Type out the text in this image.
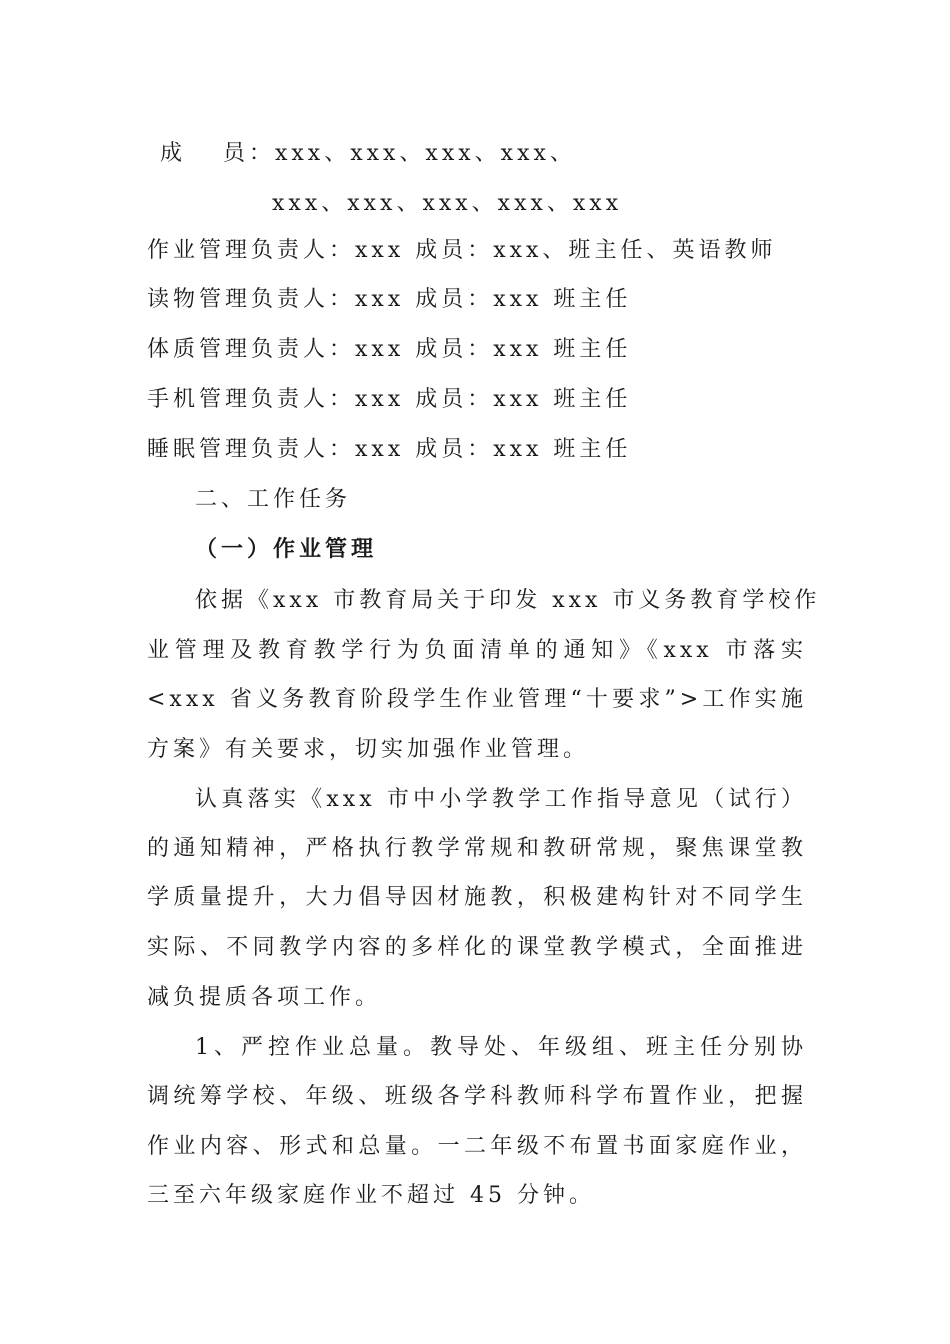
成　 员：xxx、xxx、xxx、xxx、
xxx、xxx、xxx、xxx、xxx
作业管理负责人：xxx 成员：xxx、班主任、英语教师
读物管理负责人：xxx 成员：xxx 班主任
体质管理负责人：xxx 成员：xxx 班主任
手机管理负责人：xxx 成员：xxx 班主任
睡眠管理负责人：xxx 成员：xxx 班主任
二、工作任务
（一）作业管理
依据《xxx 市教育局关于印发 xxx 市义务教育学校作
业管理及教育教学行为负面清单的通知》《xxx 市落实
<xxx 省义务教育阶段学生作业管理“十要求”>工作实施
方案》有关要求，切实加强作业管理。
认真落实《xxx 市中小学教学工作指导意见（试行）
的通知精神，严格执行教学常规和教研常规，聚焦课堂教
学质量提升，大力倡导因材施教，积极建构针对不同学生
实际、不同教学内容的多样化的课堂教学模式，全面推进
减负提质各项工作。
1、严控作业总量。教导处、年级组、班主任分别协
调统筹学校、年级、班级各学科教师科学布置作业，把握
作业内容、形式和总量。一二年级不布置书面家庭作业，
三至六年级家庭作业不超过 45 分钟。
